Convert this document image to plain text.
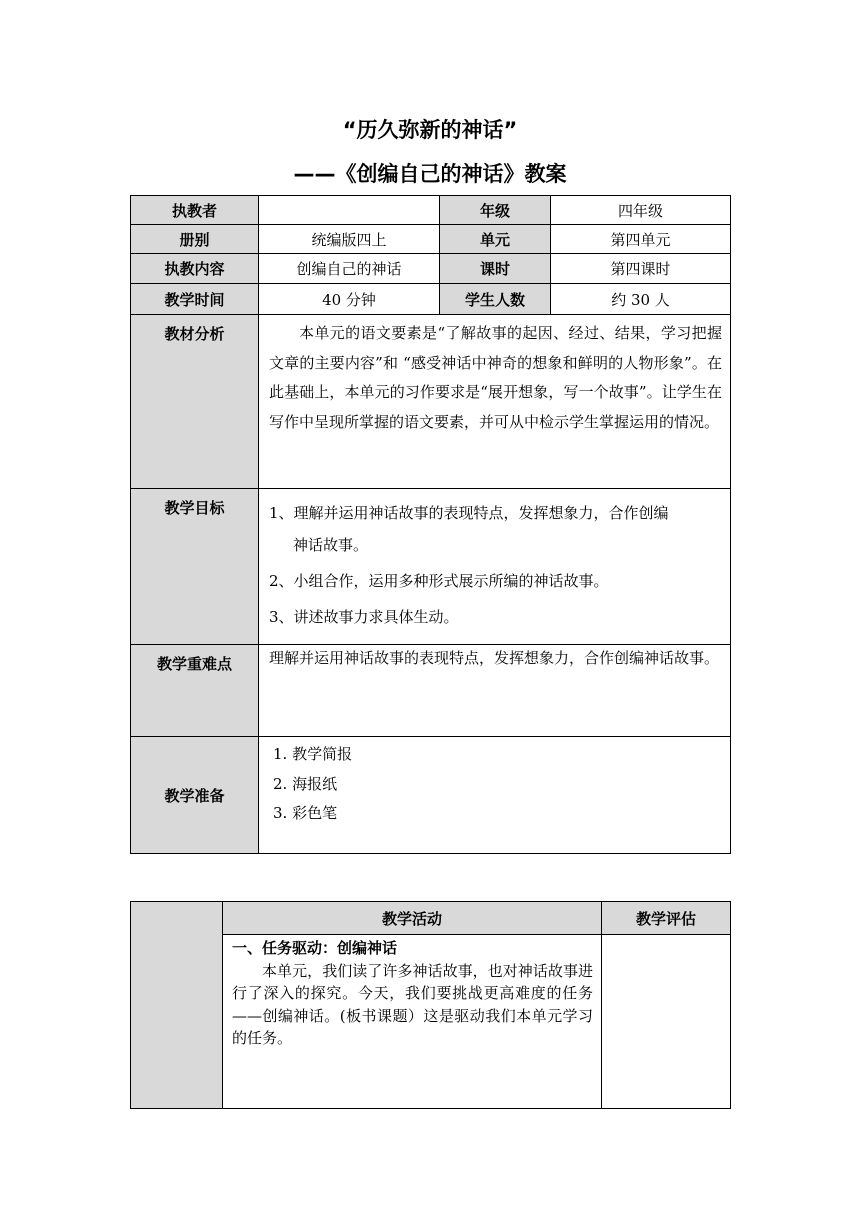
“历久弥新的神话”
——《创编自己的神话》教案
执教者		年级	四年级
册别	统编版四上	单元	第四单元
执教内容	创编自己的神话	课时	第四课时
教学时间	40 分钟	学生人数	约 30 人
教材分析	本单元的语文要素是“了解故事的起因、经过、结果，学习把握文章的主要内容”和 “感受神话中神奇的想象和鲜明的人物形象”。在此基础上，本单元的习作要求是“展开想象，写一个故事”。让学生在写作中呈现所掌握的语文要素，并可从中检示学生掌握运用的情况。		

教学目标	1、理解并运用神话故事的表现特点，发挥想象力，合作创编
神话故事。
2、小组合作，运用多种形式展示所编的神话故事。
3、讲述故事力求具体生动。		

教学重难点	理解并运用神话故事的表现特点，发挥想象力，合作创编神话故事。		
教学准备	1. 教学简报
2. 海报纸
3. 彩色笔		
	教学活动	教学评估

	一、任务驱动：创编神话

本单元，我们读了许多神话故事，也对神话故事进行了深入的探究。今天，我们要挑战更高难度的任务——创编神话。(板书课题）这是驱动我们本单元学习的任务。	
